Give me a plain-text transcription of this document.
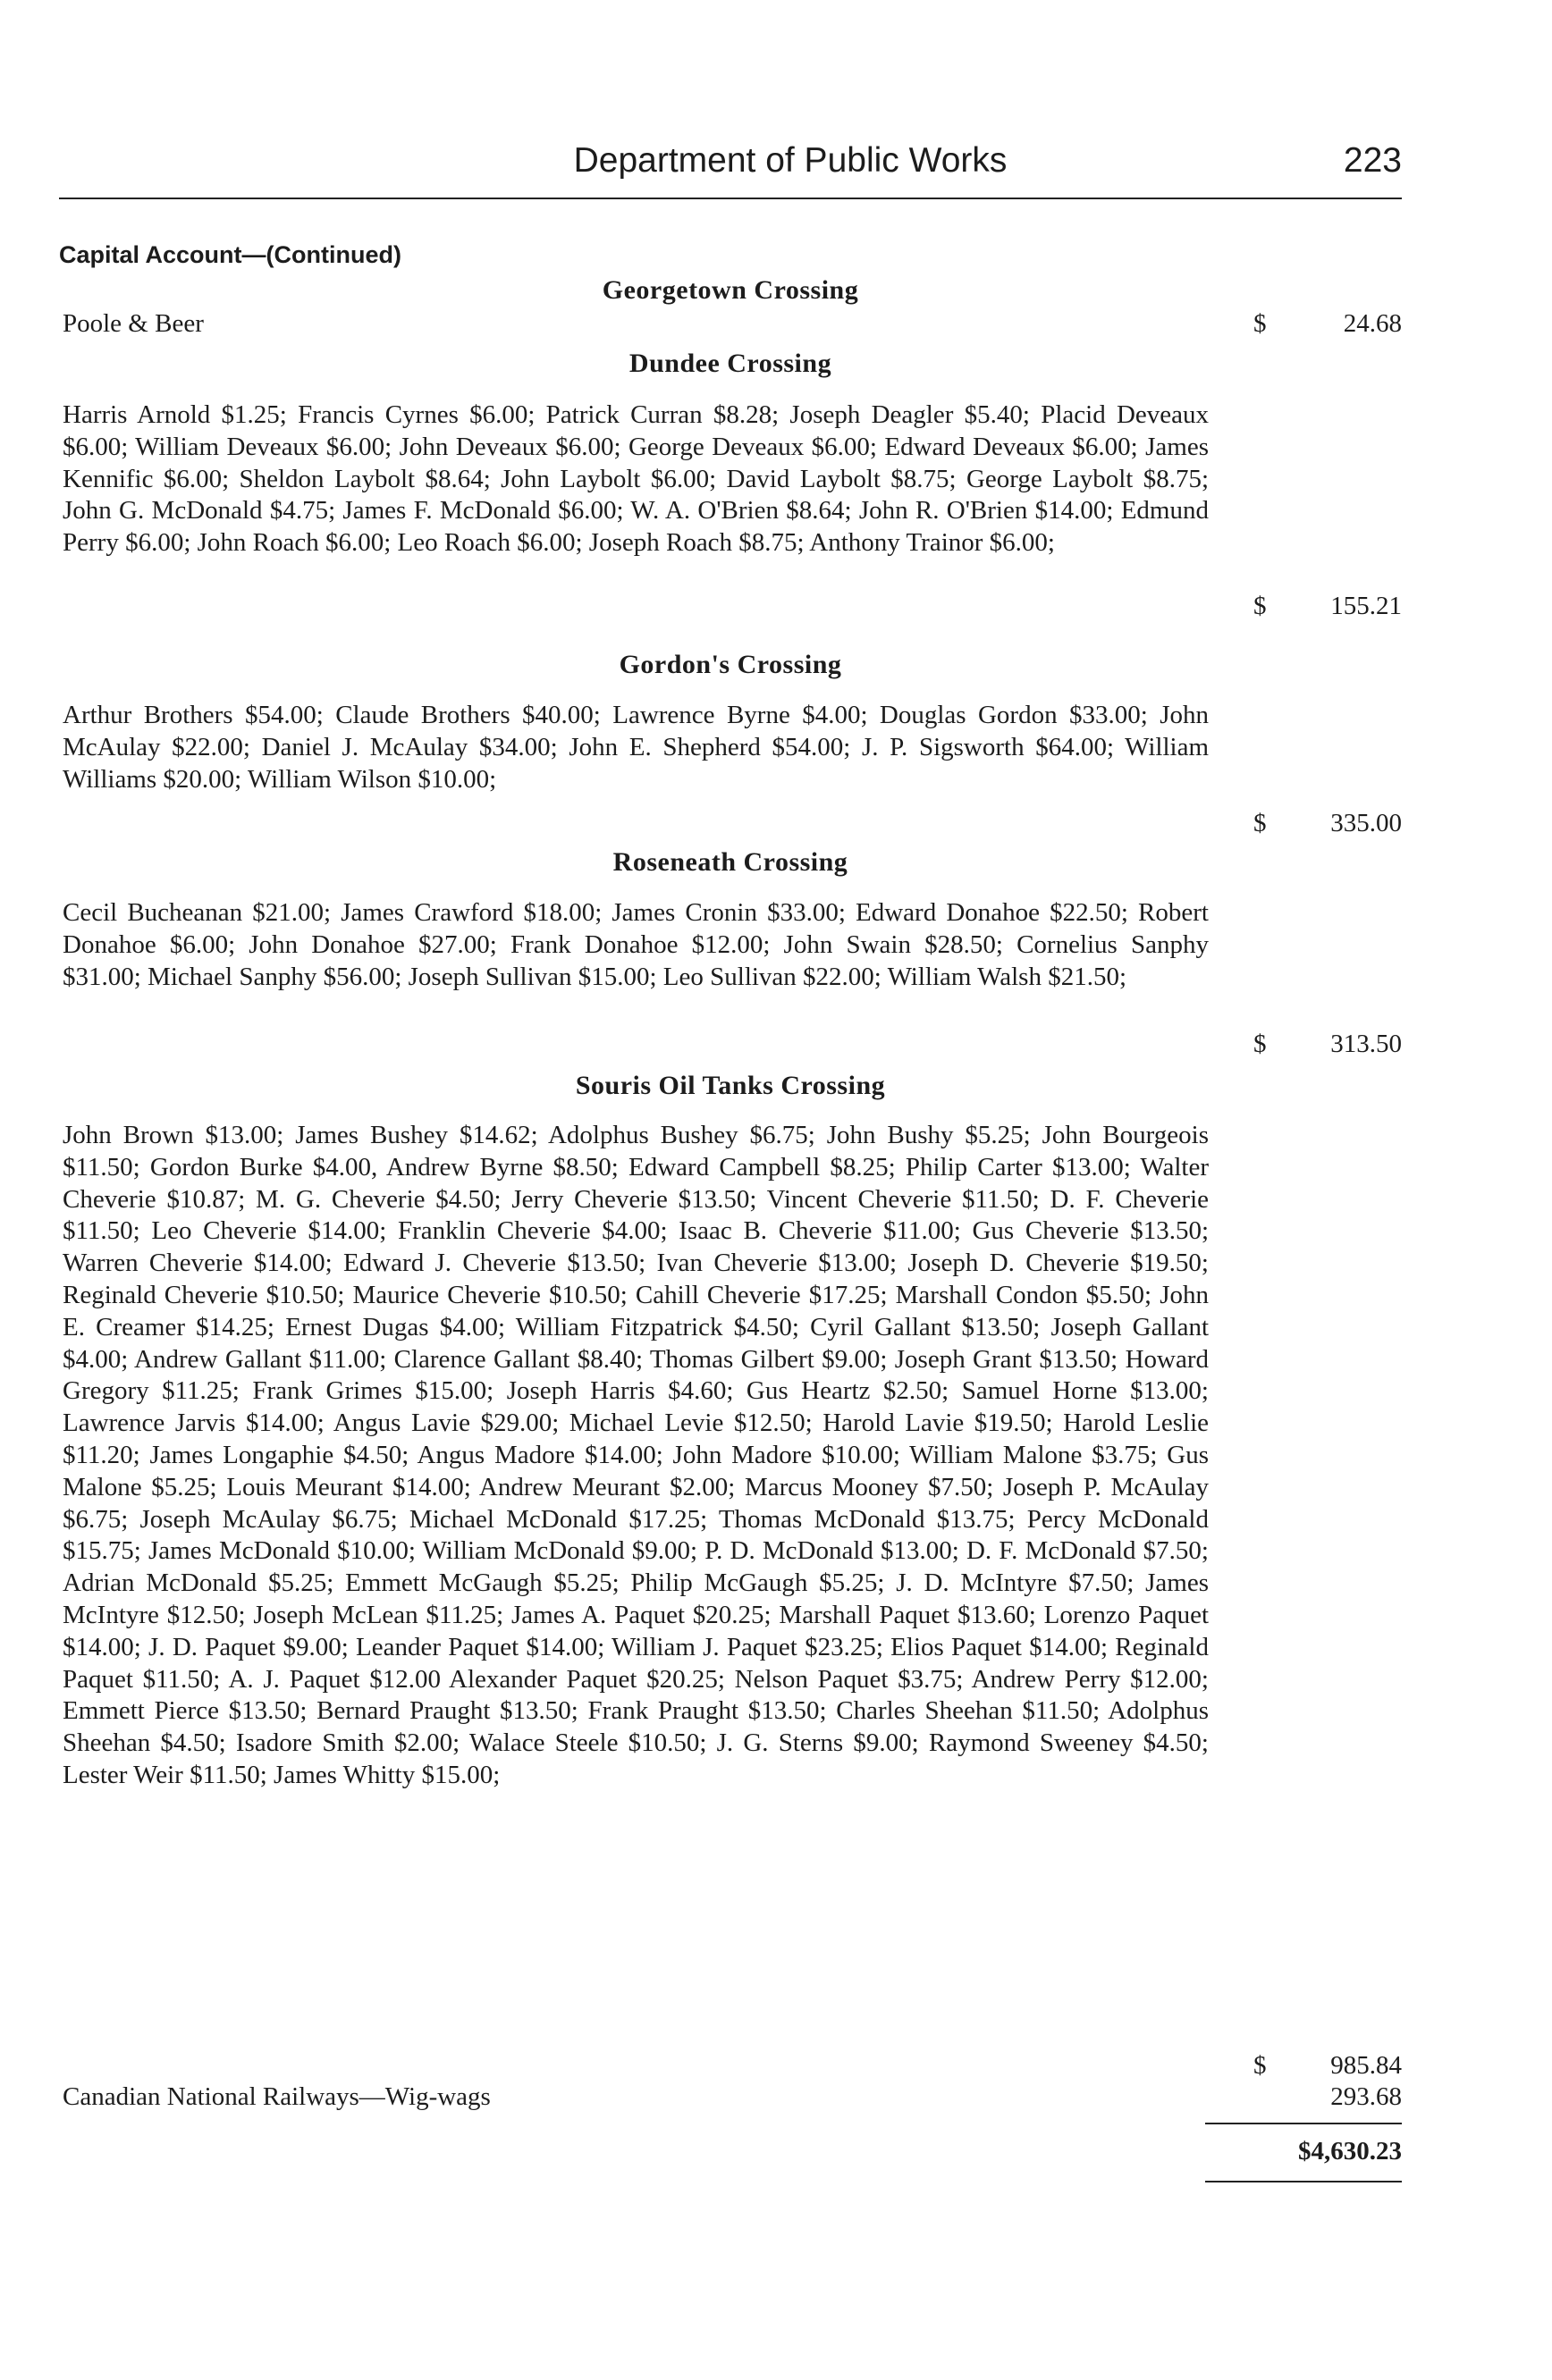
Department of Public Works	223
Capital Account—(Continued)
Georgetown Crossing
Poole & Beer	$	24.68
Dundee Crossing
Harris Arnold $1.25; Francis Cyrnes $6.00; Patrick Curran $8.28; Joseph Deagler $5.40; Placid Deveaux $6.00; William Deveaux $6.00; John Deveaux $6.00; George Deveaux $6.00; Edward Deveaux $6.00; James Kennific $6.00; Sheldon Laybolt $8.64; John Laybolt $6.00; David Laybolt $8.75; George Laybolt $8.75; John G. McDonald $4.75; James F. McDonald $6.00; W. A. O'Brien $8.64; John R. O'Brien $14.00; Edmund Perry $6.00; John Roach $6.00; Leo Roach $6.00; Joseph Roach $8.75; Anthony Trainor $6.00;
$ 155.21
Gordon's Crossing
Arthur Brothers $54.00; Claude Brothers $40.00; Lawrence Byrne $4.00; Douglas Gordon $33.00; John McAulay $22.00; Daniel J. McAulay $34.00; John E. Shepherd $54.00; J. P. Sigsworth $64.00; William Williams $20.00; William Wilson $10.00;
$ 335.00
Roseneath Crossing
Cecil Bucheanan $21.00; James Crawford $18.00; James Cronin $33.00; Edward Donahoe $22.50; Robert Donahoe $6.00; John Donahoe $27.00; Frank Donahoe $12.00; John Swain $28.50; Cornelius Sanphy $31.00; Michael Sanphy $56.00; Joseph Sullivan $15.00; Leo Sullivan $22.00; William Walsh $21.50;
$ 313.50
Souris Oil Tanks Crossing
John Brown $13.00; James Bushey $14.62; Adolphus Bushey $6.75; John Bushy $5.25; John Bourgeois $11.50; Gordon Burke $4.00, Andrew Byrne $8.50; Edward Campbell $8.25; Philip Carter $13.00; Walter Cheverie $10.87; M. G. Cheverie $4.50; Jerry Cheverie $13.50; Vincent Cheverie $11.50; D. F. Cheverie $11.50; Leo Cheverie $14.00; Franklin Cheverie $4.00; Isaac B. Cheverie $11.00; Gus Cheverie $13.50; Warren Cheverie $14.00; Edward J. Cheverie $13.50; Ivan Cheverie $13.00; Joseph D. Cheverie $19.50; Reginald Cheverie $10.50; Maurice Cheverie $10.50; Cahill Cheverie $17.25; Marshall Condon $5.50; John E. Creamer $14.25; Ernest Dugas $4.00; William Fitzpatrick $4.50; Cyril Gallant $13.50; Joseph Gallant $4.00; Andrew Gallant $11.00; Clarence Gallant $8.40; Thomas Gilbert $9.00; Joseph Grant $13.50; Howard Gregory $11.25; Frank Grimes $15.00; Joseph Harris $4.60; Gus Heartz $2.50; Samuel Horne $13.00; Lawrence Jarvis $14.00; Angus Lavie $29.00; Michael Levie $12.50; Harold Lavie $19.50; Harold Leslie $11.20; James Longaphie $4.50; Angus Madore $14.00; John Madore $10.00; William Malone $3.75; Gus Malone $5.25; Louis Meurant $14.00; Andrew Meurant $2.00; Marcus Mooney $7.50; Joseph P. McAulay $6.75; Joseph McAulay $6.75; Michael McDonald $17.25; Thomas McDonald $13.75; Percy McDonald $15.75; James McDonald $10.00; William McDonald $9.00; P. D. McDonald $13.00; D. F. McDonald $7.50; Adrian McDonald $5.25; Emmett McGaugh $5.25; Philip McGaugh $5.25; J. D. McIntyre $7.50; James McIntyre $12.50; Joseph McLean $11.25; James A. Paquet $20.25; Marshall Paquet $13.60; Lorenzo Paquet $14.00; J. D. Paquet $9.00; Leander Paquet $14.00; William J. Paquet $23.25; Elios Paquet $14.00; Reginald Paquet $11.50; A. J. Paquet $12.00 Alexander Paquet $20.25; Nelson Paquet $3.75; Andrew Perry $12.00; Emmett Pierce $13.50; Bernard Praught $13.50; Frank Praught $13.50; Charles Sheehan $11.50; Adolphus Sheehan $4.50; Isadore Smith $2.00; Walace Steele $10.50; J. G. Sterns $9.00; Raymond Sweeney $4.50; Lester Weir $11.50; James Whitty $15.00;
$ 985.84
Canadian National Railways—Wig-wags	293.68
$4,630.23
